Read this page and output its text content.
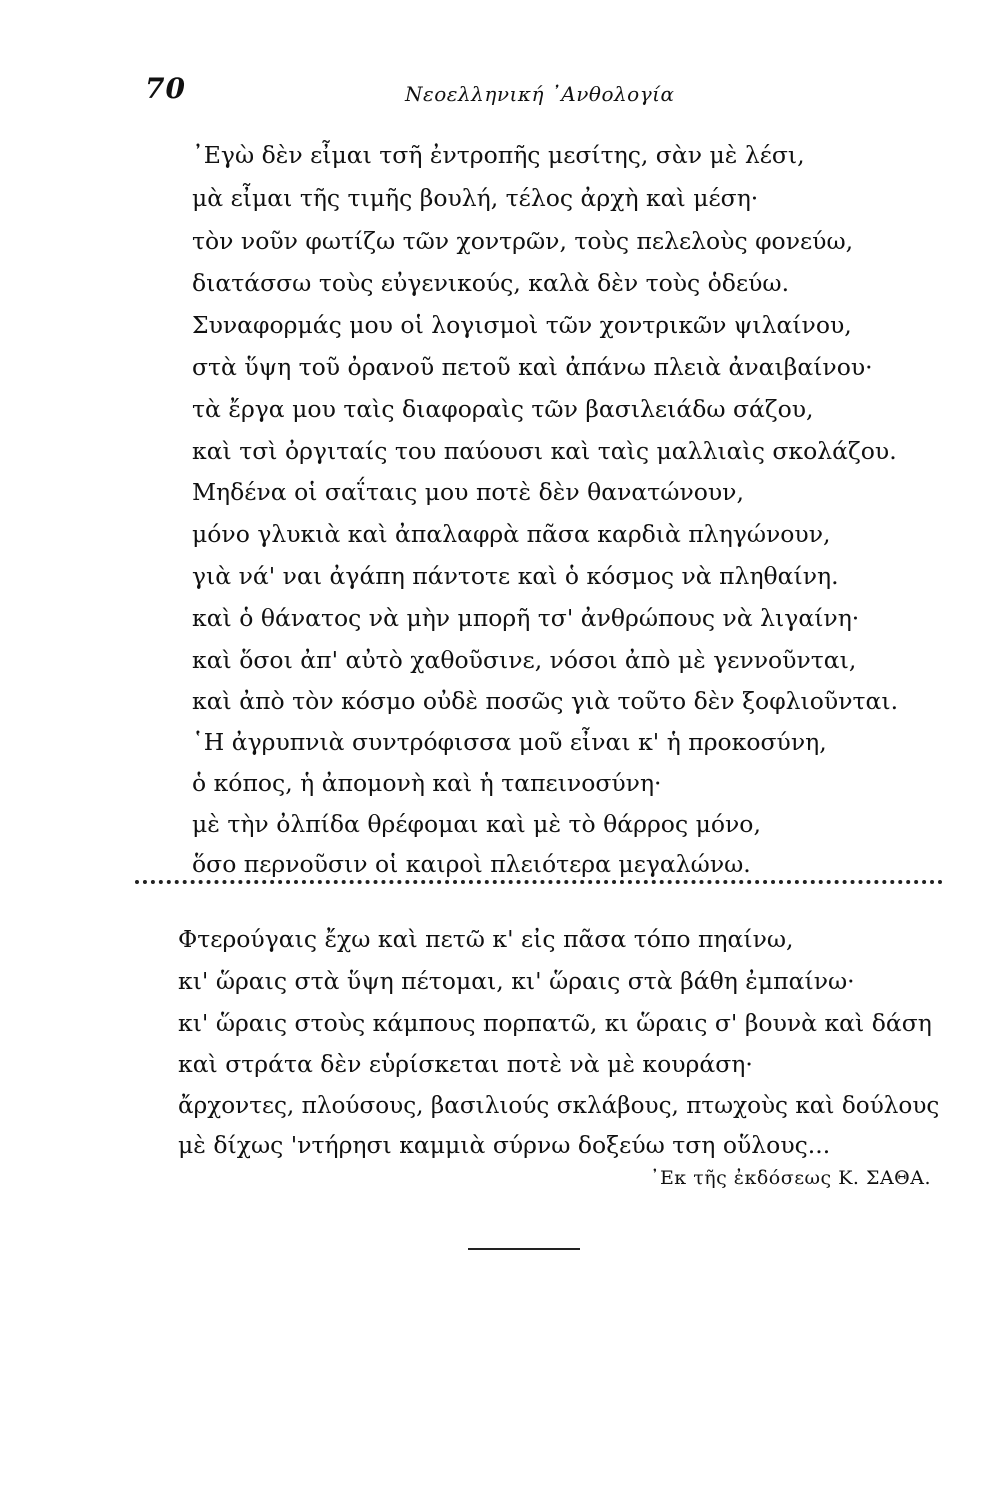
70	Νεοελληνική ᾿Ανθολογία
᾿Εγὼ δὲν εἶμαι τσῆ ἐντροπῆς μεσίτης, σὰν μὲ λέσι,
μὰ εἶμαι τῆς τιμῆς βουλή, τέλος ἀρχὴ καὶ μέση·
τὸν νοῦν φωτίζω τῶν χοντρῶν, τοὺς πελελοὺς φονεύω,
διατάσσω τοὺς εὐγενικούς, καλὰ δὲν τοὺς ὁδεύω.
Συναφορμάς μου οἱ λογισμοὶ τῶν χοντρικῶν ψιλαίνου,
στὰ ὕψη τοῦ ὀρανοῦ πετοῦ καὶ ἀπάνω πλειὰ ἀναιβαίνου·
τὰ ἔργα μου ταὶς διαφοραὶς τῶν βασιλειάδω σάζου,
καὶ τσὶ ὀργιταίς του παύουσι καὶ ταὶς μαλλιαὶς σκολάζου.
Μηδένα οἱ σαΐταις μου ποτὲ δὲν θανατώνουν,
μόνο γλυκιὰ καὶ ἀπαλαφρὰ πᾶσα καρδιὰ πληγώνουν,
γιὰ νά' ναι ἀγάπη πάντοτε καὶ ὁ κόσμος νὰ πληθαίνη.
καὶ ὁ θάνατος νὰ μὴν μπορῆ τσ' ἀνθρώπους νὰ λιγαίνη·
καὶ ὅσοι ἀπ' αὐτὸ χαθοῦσινε, νόσοι ἀπὸ μὲ γεννοῦνται,
καὶ ἀπὸ τὸν κόσμο οὐδὲ ποσῶς γιὰ τοῦτο δὲν ξοφλιοῦνται.
῾Η ἀγρυπνιὰ συντρόφισσα μοῦ εἶναι κ' ἡ προκοσύνη,
ὁ κόπος, ἡ ἀπομονὴ καὶ ἡ ταπεινοσύνη·
μὲ τὴν ὀλπίδα θρέφομαι καὶ μὲ τὸ θάρρος μόνο,
ὅσο περνοῦσιν οἱ καιροὶ πλειότερα μεγαλώνω.
Φτερούγαις ἔχω καὶ πετῶ κ' εἰς πᾶσα τόπο πηαίνω,
κι' ὥραις στὰ ὕψη πέτομαι, κι' ὥραις στὰ βάθη ἐμπαίνω·
κι' ὥραις στοὺς κάμπους πορπατῶ, κι ὥραις σ' βουνὰ καὶ δάση
καὶ στράτα δὲν εὑρίσκεται ποτὲ νὰ μὲ κουράση·
ἄρχοντες, πλούσους, βασιλιούς σκλάβους, πτωχοὺς καὶ δούλους
μὲ δίχως 'ντήρησι καμμιὰ σύρνω δοξεύω τση οὕλους...
᾿Εκ τῆς ἐκδόσεως Κ. ΣΑΘΑ.
